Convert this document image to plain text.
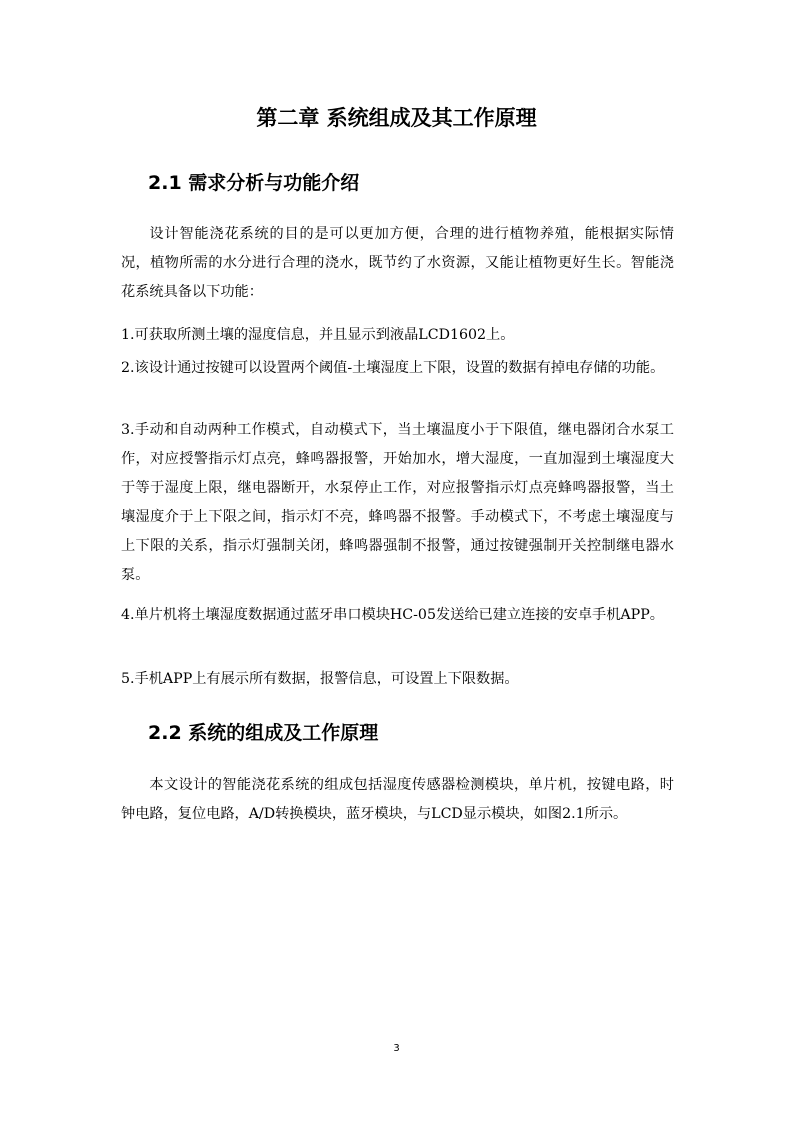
第二章 系统组成及其工作原理
2.1 需求分析与功能介绍

设计智能浇花系统的目的是可以更加方便，合理的进行植物养殖，能根据实际情况，植物所需的水分进行合理的浇水，既节约了水资源，又能让植物更好生长。智能浇花系统具备以下功能：

1.可获取所测土壤的湿度信息，并且显示到液晶LCD1602上。

2.该设计通过按键可以设置两个阈值-土壤湿度上下限，设置的数据有掉电存储的功能。

3.手动和自动两种工作模式，自动模式下，当土壤温度小于下限值，继电器闭合水泵工作，对应授警指示灯点亮，蜂鸣器报警，开始加水，增大湿度，一直加湿到土壤湿度大于等于湿度上限，继电器断开，水泵停止工作，对应报警指示灯点亮蜂鸣器报警，当土壤湿度介于上下限之间，指示灯不亮，蜂鸣器不报警。手动模式下，不考虑土壤湿度与上下限的关系，指示灯强制关闭，蜂鸣器强制不报警，通过按键强制开关控制继电器水泵。

4.单片机将土壤湿度数据通过蓝牙串口模块HC-05发送给已建立连接的安卓手机APP。

5.手机APP上有展示所有数据，报警信息，可设置上下限数据。

2.2 系统的组成及工作原理

本文设计的智能浇花系统的组成包括湿度传感器检测模块，单片机，按键电路，时钟电路，复位电路，A/D转换模块，蓝牙模块，与LCD显示模块，如图2.1所示。

3
